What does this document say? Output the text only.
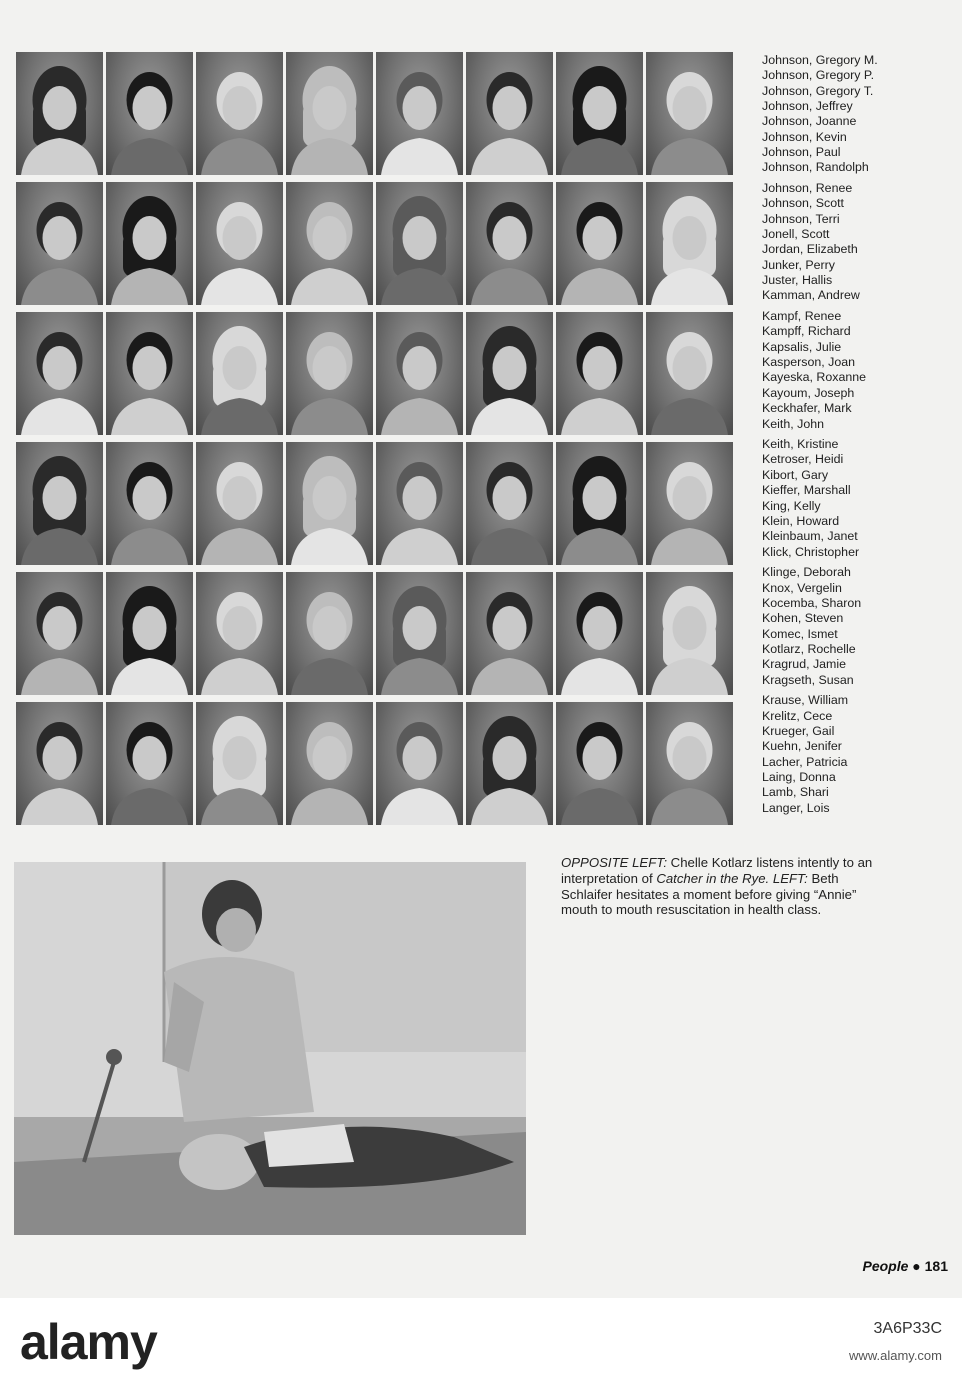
Johnson, Gregory M.
Johnson, Gregory P.
Johnson, Gregory T.
Johnson, Jeffrey
Johnson, Joanne
Johnson, Kevin
Johnson, Paul
Johnson, Randolph
Johnson, Renee
Johnson, Scott
Johnson, Terri
Jonell, Scott
Jordan, Elizabeth
Junker, Perry
Juster, Hallis
Kamman, Andrew
Kampf, Renee
Kampff, Richard
Kapsalis, Julie
Kasperson, Joan
Kayeska, Roxanne
Kayoum, Joseph
Keckhafer, Mark
Keith, John
Keith, Kristine
Ketroser, Heidi
Kibort, Gary
Kieffer, Marshall
King, Kelly
Klein, Howard
Kleinbaum, Janet
Klick, Christopher
Klinge, Deborah
Knox, Vergelin
Kocemba, Sharon
Kohen, Steven
Komec, Ismet
Kotlarz, Rochelle
Kragrud, Jamie
Kragseth, Susan
Krause, William
Krelitz, Cece
Krueger, Gail
Kuehn, Jenifer
Lacher, Patricia
Laing, Donna
Lamb, Shari
Langer, Lois
OPPOSITE LEFT: Chelle Kotlarz listens intently to an interpretation of Catcher in the Rye. LEFT: Beth Schlaifer hesitates a moment before giving “Annie” mouth to mouth resuscitation in health class.
People ● 181
alamy	3A6P33C
www.alamy.com
